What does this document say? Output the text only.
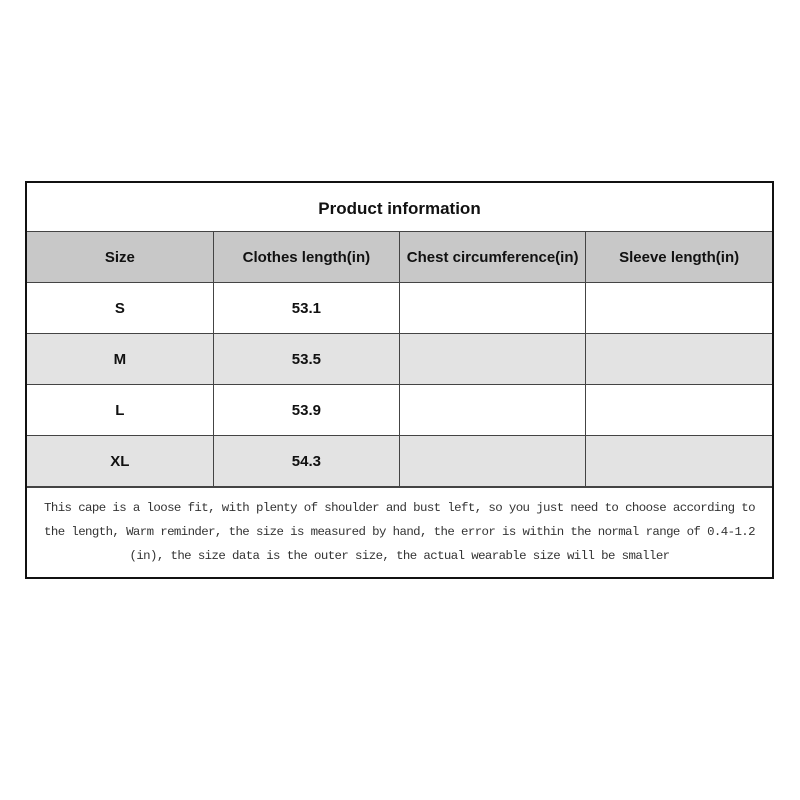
Product information
Size	Clothes length(in)	Chest circumference(in)	Sleeve length(in)
S	53.1		
M	53.5		
L	53.9		
XL	54.3		
This cape is a loose fit, with plenty of shoulder and bust left, so you just need to choose according to the length, Warm reminder, the size is measured by hand, the error is within the normal range of 0.4-1.2 (in), the size data is the outer size, the actual wearable size will be smaller
